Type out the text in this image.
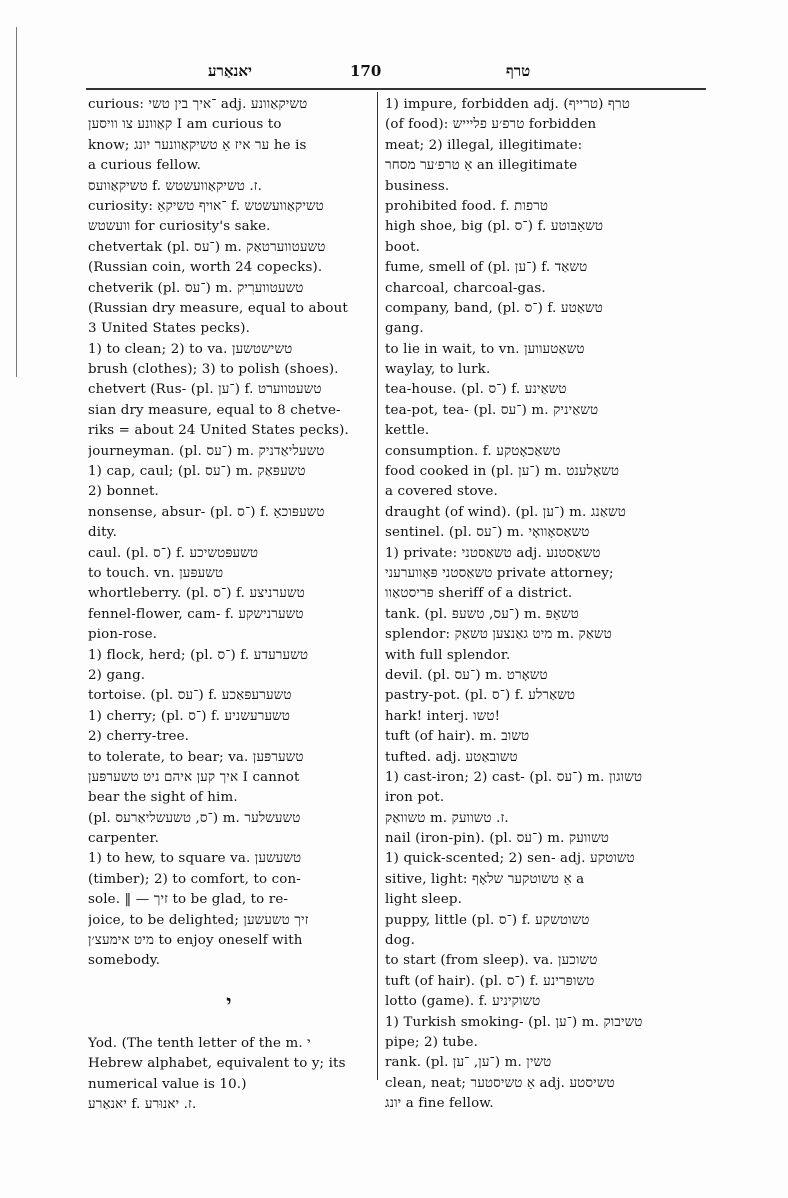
יאנאַרע	170	טרף
curious: ־איך בין טשי adj. טשיקאַוונע
קאַוונע צו וויסען I am curious to
know; ער איז אַ טשיקאַוונער יונג he is
a curious fellow.
טשיקאַוועס f. ז. טשיקאַוועשטש.
curiosity: ־אויף טשיקאַ f. טשיקאַוועשטש
וועשטש for curiosity's sake.
chetvertak (pl. ־עס) m. טשעטווערטאַק
(Russian coin, worth 24 copecks).
chetverik (pl. ־עס) m. טשעטווערִיק
(Russian dry measure, equal to about
3 United States pecks).
1) to clean; 2) to va. טשישטשען
brush (clothes); 3) to polish (shoes).
chetvert (Rus- (pl. ־ען) f. טשעטווערט
sian dry measure, equal to 8 chetve-
riks = about 24 United States pecks).
journeyman. (pl. ־עס) m. טשעליאַדניק
1) cap, caul; (pl. ־עס) m. טשעפּאַק
2) bonnet.
nonsense, absur- (pl. ־ס) f. טשעפּוכאַ
dity.
caul. (pl. ־ס) f. טשעפּטשיכע
to touch. vn. טשעפּען
whortleberry. (pl. ־ס) f. טשערניצע
fennel-flower, cam- f. טשערנישקע
pion-rose.
1) flock, herd; (pl. ־ס) f. טשערעדע
2) gang.
tortoise. (pl. ־עס) f. טשערעפּאַכע
1) cherry; (pl. ־ס) f. טשערעשניע
2) cherry-tree.
to tolerate, to bear; va. טשערפּען
איך קען איהם ניט טשערפּען I cannot
bear the sight of him.
(pl. ־ס, טשעשליאַרעס) m. טשעשלער
carpenter.
1) to hew, to square va. טשעשען
(timber); 2) to comfort, to con-
sole. ‖ — זיך to be glad, to re-
joice, to be delighted; זיך טשעשען
מיט אימעצ׳ן to enjoy oneself with
somebody.
י
Yod. (The tenth letter of the m. י
Hebrew alphabet, equivalent to y; its
numerical value is 10.)
יאנאַרע f. ז. יאנוּרע.
1) impure, forbidden adj. (טרייף) טרף
(of food): טרפ׳ע פליייש forbidden
meat; 2) illegal, illegitimate:
אַ טרפ׳ער מסחר an illegitimate
business.
prohibited food. f. טרפות
high shoe, big (pl. ־ס) f. טשאַבּוטע
boot.
fume, smell of (pl. ־ען) f. טשאַד
charcoal, charcoal-gas.
company, band, (pl. ־ס) f. טשאַטע
gang.
to lie in wait, to vn. טשאַטעווען
waylay, to lurk.
tea-house. (pl. ־ס) f. טשאַינע
tea-pot, tea- (pl. ־עס) m. טשאַיניק
kettle.
consumption. f. טשאַכאָטקע
food cooked in (pl. ־ען) m. טשאָלענט
a covered stove.
draught (of wind). (pl. ־ען) m. טשאַנג
sentinel. (pl. ־עס) m. טשאַסאָוואָי
1) private: טשאַסטני adj. טשאַסטנע
טשאַסטני פּאָווערעני private attorney;
פּריסטאַוו sheriff of a district.
tank. (pl. ־עס, טשעפּ) m. טשאַפּ
splendor: מיט גאַנצען טשאַק m. טשאַק
with full splendor.
devil. (pl. ־עס) m. טשאָרט
pastry-pot. (pl. ־ס) f. טשאַרלע
hark! interj. טשו!
tuft (of hair). m. טשוב
tufted. adj. טשובאַטע
1) cast-iron; 2) cast- (pl. ־עס) m. טשוגון
iron pot.
טשוואַק m. ז. טשוועק.
nail (iron-pin). (pl. ־עס) m. טשוועק
1) quick-scented; 2) sen- adj. טשוטקע
sitive, light: אַ טשוטקער שלאָף a
light sleep.
puppy, little (pl. ־ס) f. טשוטשקע
dog.
to start (from sleep). va. טשוכען
tuft (of hair). (pl. ־ס) f. טשופּרינע
lotto (game). f. טשוקיניע
1) Turkish smoking- (pl. ־ען) m. טשיבוק
pipe; 2) tube.
rank. (pl. ־ען, ־ען) m. טשין
clean, neat; אַ טשיסטער adj. טשיסטע
יונג a fine fellow.
